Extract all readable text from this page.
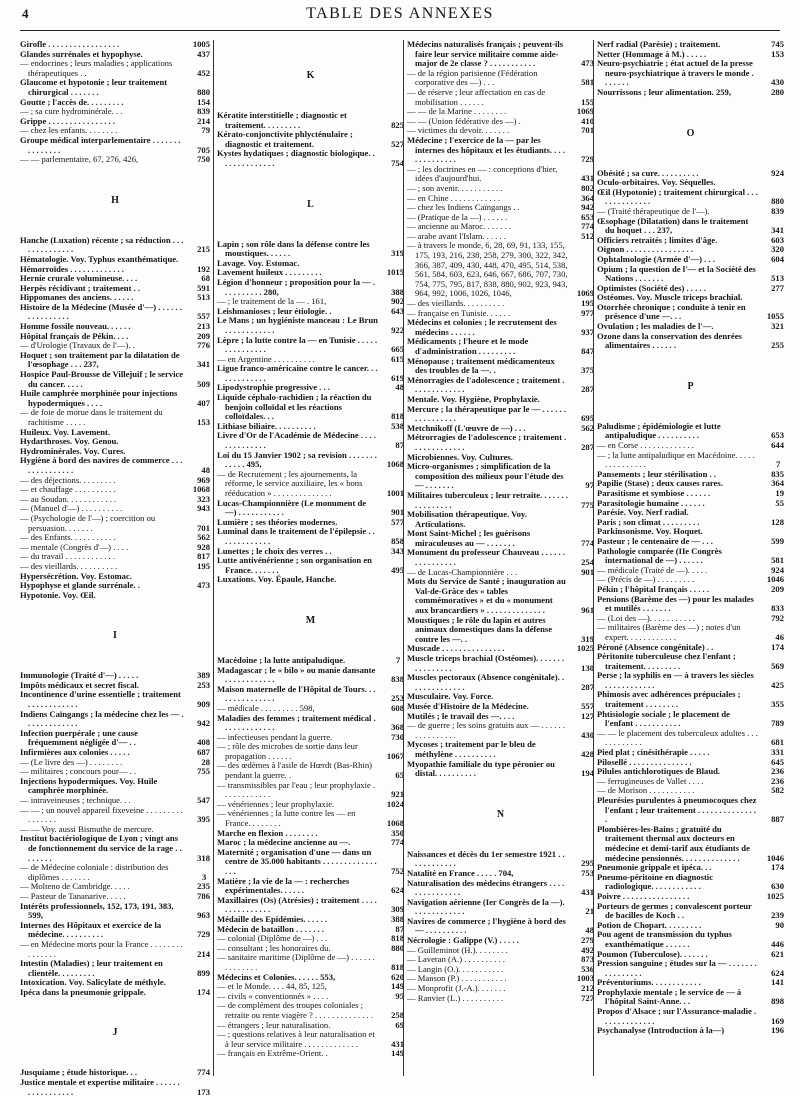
4	TABLE DES ANNEXES
Girofle . . . . . . . . . . . . . . . . .	1005
Glandes surrénales et hypophyse.	437
— endocrines ; leurs maladies ; applications thérapeutiques . .	452
Glaucome et hypotonie ; leur traitement chirurgical . . . . . . .	880
Goutte ; l'accès de. . . . . . . . .	154
— ; sa cure hydrominérale. . .	839
Grippe . . . . . . . . . . . . . . . .	214
— chez les enfants. . . . . . . .	79
Groupe médical interparlementaire . . . . . . . . . . . . . . .	705
— — parlementaire, 67, 276, 426,	750
H
Hanche (Luxation) récente ; sa réduction . . . . . . . . . . . . . .	215
Hématologie. Voy. Typhus exanthématique.
Hémorroïdes . . . . . . . . . . . . .	192
Hernie crurale volumineuse. . . .	68
Herpès récidivant ; traitement . .	591
Hippomanes des anciens. . . . . .	513
Histoire de la Médecine (Musée d'—) . . . . . . . . . . . . . . . .	557
Homme fossile nouveau. . . . . .	213
Hôpital français de Pékin. . . .	209
— d'Urologie (Travaux de l'—). .	776
Hoquet ; son traitement par la dilatation de l'œsophage . . . 237,	341
Hospice Paul-Brousse de Villejuif ; le service du cancer. . . . .	509
Huile camphrée morphinée pour injections hypodermiques . . . .	407
— de foie de morue dans le traitement du rachitisme . . . . .	153
Huileux. Voy. Lavement.
Hydarthroses. Voy. Genou.
Hydrominérales. Voy. Cures.
Hygiène à bord des navires de commerce . . . . . . . . . . . . . .	48
— des déjections. . . . . . . . .	969
— et chauffage . . . . . . . . . .	1068
— au Soudan. . . . . . . . . . . .	323
— (Manuel d'—) . . . . . . . . . .	943
— (Psychologie de l'—) ; coercition ou persuasion. . . . . . .	701
— des Enfants. . . . . . . . . . .	562
— mentale (Congrès d'—) . . . .	928
— du travail . . . . . . . . . . . .	817
— des vieillards. . . . . . . . . .	195
Hypersécrétion. Voy. Estomac.
Hypophyse et glande surrénale. .	473
Hypotonie. Voy. Œil.
I
Immunologie (Traité d'—) . . . . .	389
Impôts médicaux et secret fiscal.	253
Incontinence d'urine essentielle ; traitement . . . . . . . . . . . .	909
Indiens Caïngangs ; la médecine chez les — . . . . . . . . . . . . .	942
Infection puerpérale ; une cause fréquemment négligée d'— . .	408
Infirmières aux colonies . . . . .	687
— (Le livre des —) . . . . . . . .	28
— militaires ; concours pour— . .	755
Injections hypodermiques. Voy. Huile camphrée morphinée.
— intraveineuses ; technique. . .	547
— — ; un nouvel appareil fixeveine . . . . . . . . . . . . . . . .	395
— — Voy. aussi Bismuthe de mercure.
Institut bactériologique de Lyon ; vingt ans de fonctionnement du service de la rage . . . . . . . .	318
— de Médecine coloniale : distribution des diplômes . . . . . . .	3
— Molteno de Cambridge. . . . .	235
— Pasteur de Tananarive. . . . .	786
Intérêts professionnels, 152, 173, 191, 383, 599,	963
Internes des Hôpitaux et exercice de la médecine. . . . . . . . . .	729
— en Médecine morts pour la France . . . . . . . . . . . . . . .	214
Intestin (Maladies) ; leur traitement en clientèle. . . . . . . . .	899
Intoxication. Voy. Salicylate de méthyle.
Ipéca dans la pneumonie grippale.	174
J
Jusquiame ; étude historique. . .	774
Justice mentale et expertise militaire . . . . . . . . . . . . . . . . .	173
K
Kératite interstitielle ; diagnostic et traitement. . . . . . . . .	825
Kérato-conjonctivite phlycténulaire ; diagnostic et traitement.	527
Kystes hydatiques ; diagnostic biologique. . . . . . . . . . . . . .	754
L
Lapin ; son rôle dans la défense contre les moustiques. . . . . .	319
Lavage. Voy. Estomac.
Lavement huileux . . . . . . . . .	1015
Légion d'honneur ; proposition pour la — . . . . . . . . . . 280,	388
— ; le traitement de la — . 161,	902
Leishmanioses ; leur étiologie. .	643
Le Mans ; un hygiéniste manceau : Le Brun . . . . . . . . . . . .	922
Lèpre ; la lutte contre la — en Tunisie . . . . . . . . . . . . . . .	665
— en Argentine . . . . . . . . . .	615
Ligue franco-américaine contre le cancer. . . . . . . . . . . . .	619
Lipodystrophie progressive . . .	48
Liquide céphalo-rachidien ; la réaction du benjoin colloïdal et les réactions colloïdales. . .	818
Lithiase biliaire. . . . . . . . . .	538
Livre d'Or de l'Académie de Médecine . . . . . . . . . . . . . .	87
Loi du 15 Janvier 1902 ; sa revision . . . . . . . . . . . . 495,	1068
— de Recrutement ; les ajournements, la réforme, le service auxiliaire, les « bons rééducation » . . . . . . . . . . . . . .	1001
Lucas-Championnière (Le monument de —) . . . . . . . . . . .	901
Lumière ; ses théories modernes.	577
Luminal dans le traitement de l'épilepsie . . . . . . . . . . . . .	858
Lunettes ; le choix des verres . .	343
Lutte antivénérienne ; son organisation en France. . . . . . .	495
Luxations. Voy. Épaule, Hanche.
M
Macédoine ; la lutte antipaludique.	7
Madagascar ; le « bilo » ou manie dansante . . . . . . . . . . . .	838
Maison maternelle de l'Hôpital de Tours. . . . . . . . . . . . . . .	253
— médicale . . . . . . . . . 598,	608
Maladies des femmes ; traitement médical . . . . . . . . . . . . .	368
— infectieuses pendant la guerre.	730
— ; rôle des microbes de sortie dans leur propagation . . . . . .	1067
— des œdèmes à l'asile de Hœrdt (Bas-Rhin) pendant la guerre. .	65
— transmissibles par l'eau ; leur prophylaxie . . . . . . . . . . . .	921
— vénériennes ; leur prophylaxie.	1024
— vénériennes ; la lutte contre les — en France. . . . . . . .	1068
Marche en flexion . . . . . . . .	350
Maroc ; la médecine ancienne au —.	774
Maternité ; organisation d'une — dans un centre de 35.000 habitants . . . . . . . . . . . . . . . .	752
Matière ; la vie de la — : recherches expérimentales. . . . . .	624
Maxillaires (Os) (Atrésies) ; traitement . . . . . . . . . . . . . . .	309
Médaille des Epidémies. . . . . .	388
Médecin de bataillon . . . . . . .	87
— colonial (Diplôme de —) . . .	818
— consultant ; les honoraires du.	880
— sanitaire maritime (Diplôme de —) . . . . . . . . . . . . . .	818
Médecins et Colonies. . . . . . 553,	620
— et le Monde. . . . 44, 85, 125,	149
— civils « conventionnés » . . . .	95
— de complément des troupes coloniales ; retraite ou rente viagère ? . . . . . . . . . . . . . . 258
— étrangers ; leur naturalisation.	69
— ; questions relatives à leur naturalisation et à leur service militaire . . . . . . . . . . . . .	431
— français en Extrême-Orient. .	149
Médecins naturalisés français ; peuvent-ils faire leur service militaire comme aide-major de 2e classe ? . . . . . . . . . . .	473
— de la région parisienne (Fédération corporative des —) . . .	581
— de réserve ; leur affectation en cas de mobilisation . . . . . .	155
— — de la Marine . . . . . . . .	1069
— — (Union fédérative des —) .	410
— victimes du devoir. . . . . . .	701
Médecine ; l'exercice de la — par les internes des hôpitaux et les étudiants. . . . . . . . . . . . . .	729
— ; les doctrines en — : conceptions d'hier, idées d'aujourd'hui.	431
— ; son avenir. . . . . . . . . . .	802
— en Chine . . . . . . . . . . . .	364
— chez les Indiens Caïngangs . .	942
— (Pratique de la —) . . . . . .	653
— ancienne au Maroc. . . . . . .	774
— arabe avant l'Islam. . . . . .	512
— à travers le monde, 6, 28, 69, 91, 133, 155, 175, 193, 216, 238, 258, 279, 300, 322, 342, 366, 387, 409, 430, 448, 470, 495, 514, 538, 561, 584, 603, 623, 646, 667, 686, 707, 730, 754, 775, 795, 817, 838, 880, 902, 923, 943, 964, 992, 1006, 1026, 1046,	1069
— des vieillards. . . . . . . . . .	195
— française en Tunisie. . . . . .	977
Médecins et colonies ; le recrutement des médecins . . . . . .	937
Médicaments ; l'heure et le mode d'administration . . . . . . . . .	847
Ménopause ; traitement médicamenteux des troubles de la —. .	375
Ménorragies de l'adolescence ; traitement . . . . . . . . . . . . .	287
Mentale. Voy. Hygiène, Prophylaxie.
Mercure ; la thérapeutique par le — . . . . . . . . . . . . . . . .	695
Metchnikoff (L'œuvre de —) . . .	562
Métrorragies de l'adolescence ; traitement . . . . . . . . . . . . .	287
Microbiennes. Voy. Cultures.
Micro-organismes ; simplification de la composition des milieux pour l'étude des — . . . . . . .	97
Militaires tuberculeux ; leur retraite. . . . . . . . . . . . . . . .	775
Mobilisation thérapeutique. Voy. Articulations.
Mont Saint-Michel ; les guérisons miraculeuses au — . . . . . . .	774
Monument du professeur Chauveau . . . . . . . . . . . . . . . .	254
— de Lucas-Championnière . . .	901
Mots du Service de Santé ; inauguration au Val-de-Grâce des « tables commémoratives » et du « monument aux brancardiers » . . . . . . . . . . . . . .	961
Moustiques ; le rôle du lapin et autres animaux domestiques dans la défense contre les —. .	319
Muscade . . . . . . . . . . . . . . .	1025
Muscle triceps brachial (Ostéomes). . . . . . . . . . . . . . . .	130
Muscles pectoraux (Absence congénitale). . . . . . . . . . . . . .	287
Musculaire. Voy. Force.
Musée d'Histoire de la Médecine.	557
Mutilés ; le travail des —. . . .	127
— de guerre ; les soins gratuits aux — . . . . . . . . . . . . . . . .	430
Mycoses ; traitement par le bleu de méthylène . . . . . . . . . .	428
Myopathie familiale du type péronier ou distal. . . . . . . . . .	194
N
Naissances et décès du 1er semestre 1921 . . . . . . . . . . . .	295
Natalité en France . . . . . 704,	753
Naturalisation des médecins étrangers . . . . . . . . . . . . . . .	431
Navigation aérienne (Ier Congrès de la —). . . . . . . . . . . . .	21
Navires de commerce ; l'hygiène à bord des— . . . . . . . . . .	48
Nécrologie : Galippe (V.) . . . . .	279
— Guilleminot (H.). . . . . . . .	492
— Laveran (A.) . . . . . . . . . .	873
— Langin (O.). . . . . . . . . . .	536
— Manson (P.) . . . . . . . . . . .	1003
— Monprofit (J.-A.). . . . . . .	212
— Ranvier (L.) . . . . . . . . . .	727
Nerf radial (Parésie) ; traitement.	745
Netter (Hommage à M.) . . . . .	153
Neuro-psychiatrie ; état actuel de la presse neuro-psychiatrique à travers le monde . . . . . . .	430
Nourrissons ; leur alimentation. 259,	280
O
Obésité ; sa cure. . . . . . . . . .	924
Oculo-orbitaires. Voy. Séquelles.
Œil (Hypotonie) ; traitement chirurgical . . . . . . . . . . . . . .	880
— (Traité thérapeutique de l'—).	839
Œsophage (Dilatation) dans le traitement du hoquet . . . 237,	341
Officiers retraités ; limites d'âge.	603
Oignon . . . . . . . . . . . . . . . .	320
Ophtalmologie (Armée d'—) . . .	604
Opium ; la question de l'— et la Société des Nations . . . . . . .	513
Optimistes (Société des) . . . . .	277
Ostéomes. Voy. Muscle triceps brachial.
Otorrhée chronique ; conduite à tenir en présence d'une —. . .	1055
Ovulation ; les maladies de l'—.	321
Ozone dans la conservation des denrées alimentaires . . . . . .	255
P
Paludisme ; épidémiologie et lutte antipaludique . . . . . . . . . .	653
— en Corse . . . . . . . . . . . . .	644
— ; la lutte antipaludique en Macédoine. . . . . . . . . . . . . . .	7
Pansements ; leur stérilisation . .	835
Papilie (Stase) ; deux causes rares.	364
Parasitisme et symbiose . . . . . .	19
Parasitologie humaine . . . . . .	55
Parésie. Voy. Nerf radial.
Paris ; son climat . . . . . . . . .	128
Parkinsonisme. Voy. Hoquet.
Pasteur ; le centenaire de — . . .	599
Pathologie comparée (IIe Congrès international de —) . . . . . .	581
— médicale (Traité de —). . . . .	924
— (Précis de —) . . . . . . . . .	1046
Pékin ; l'hôpital français . . . . .	209
Pensions (Barème des —) pour les malades et mutilés . . . . . . .	833
— (Loi des —). . . . . . . . . . .	792
— militaires (Barème des —) ; notes d'un expert. . . . . . . . . . . .	46
Péroné (Absence congénitale) . .	174
Péritonite tuberculeuse chez l'enfant ; traitement. . . . . . . . .	569
Perse ; la syphilis en — à travers les siècles . . . . . . . . . . . .	425
Phimosis avec adhérences prépuciales ; traitement . . . . . . . .	355
Phtisiologie sociale ; le placement de l'enfant . . . . . . . . . . .	789
— — le placement des tuberculeux adultes . . . . . . . . . . . .	681
Pied plat ; cinésithérapie . . . . .	331
Pilosellé . . . . . . . . . . . . . . .	645
Pilules antichlorotiques de Blaud.	236
— ferrugineuses de Vallet . . . .	236
— de Morison . . . . . . . . . . .	582
Pleurésies purulentes à pneumocoques chez l'enfant ; leur traitement . . . . . . . . . . . . . . .	887
Plombières-les-Bains ; gratuité du traitement thermal aux docteurs en médecine et demi-tarif aux étudiants de médecine pensionnés. . . . . . . . . . . . . .	1046
Pneumonie grippale et ipéca. . .	174
Pneumo-péritoine en diagnostic radiologique. . . . . . . . . . . .	630
Poivre . . . . . . . . . . . . . . . .	1025
Porteurs de germes ; convalescent porteur de bacilles de Koch . .	239
Potion de Chopart. . . . . . . . .	90
Pou agent de transmission du typhus exanthématique . . . . . .	446
Poumon (Tuberculose). . . . . . .	621
Pression sanguine ; études sur la — . . . . . . . . . . . . . . . .	624
Préventoriums. . . . . . . . . . . .	141
Prophylaxie mentale ; le service de — à l'hôpital Saint-Anne. . .	898
Propos d'Alsace ; sur l'Assurance-maladie . . . . . . . . . . . . .	169
Psychanalyse (Introduction à la—)	196
